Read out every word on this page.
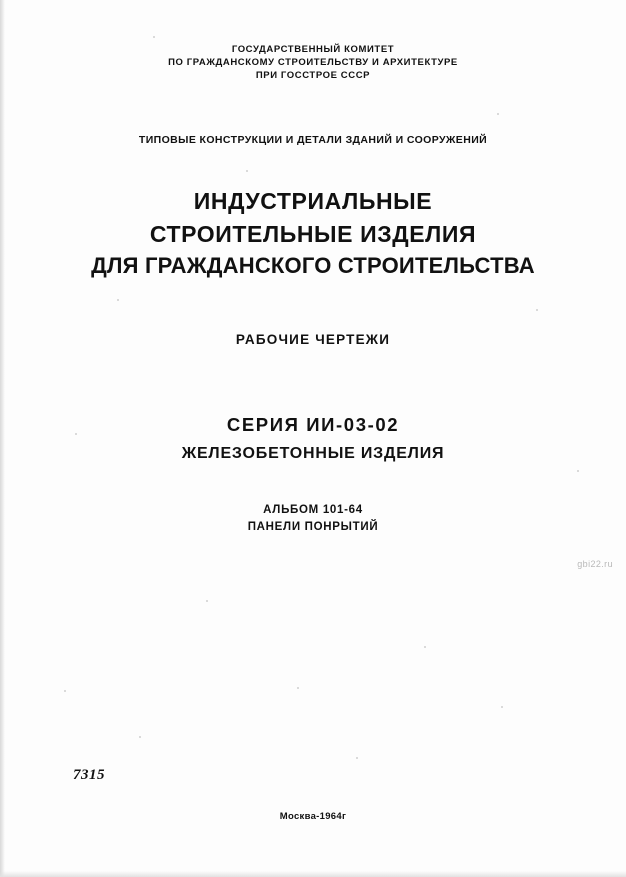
ГОСУДАРСТВЕННЫЙ КОМИТЕТ
ПО ГРАЖДАНСКОМУ СТРОИТЕЛЬСТВУ И АРХИТЕКТУРЕ
ПРИ ГОССТРОЕ СССР
ТИПОВЫЕ КОНСТРУКЦИИ И ДЕТАЛИ ЗДАНИЙ И СООРУЖЕНИЙ
ИНДУСТРИАЛЬНЫЕ
СТРОИТЕЛЬНЫЕ ИЗДЕЛИЯ
ДЛЯ ГРАЖДАНСКОГО СТРОИТЕЛЬСТВА
РАБОЧИЕ ЧЕРТЕЖИ
СЕРИЯ ИИ-03-02
ЖЕЛЕЗОБЕТОННЫЕ ИЗДЕЛИЯ
АЛЬБОМ 101-64
ПАНЕЛИ ПОНРЫТИЙ
gbi22.ru
7315
Москва-1964г
